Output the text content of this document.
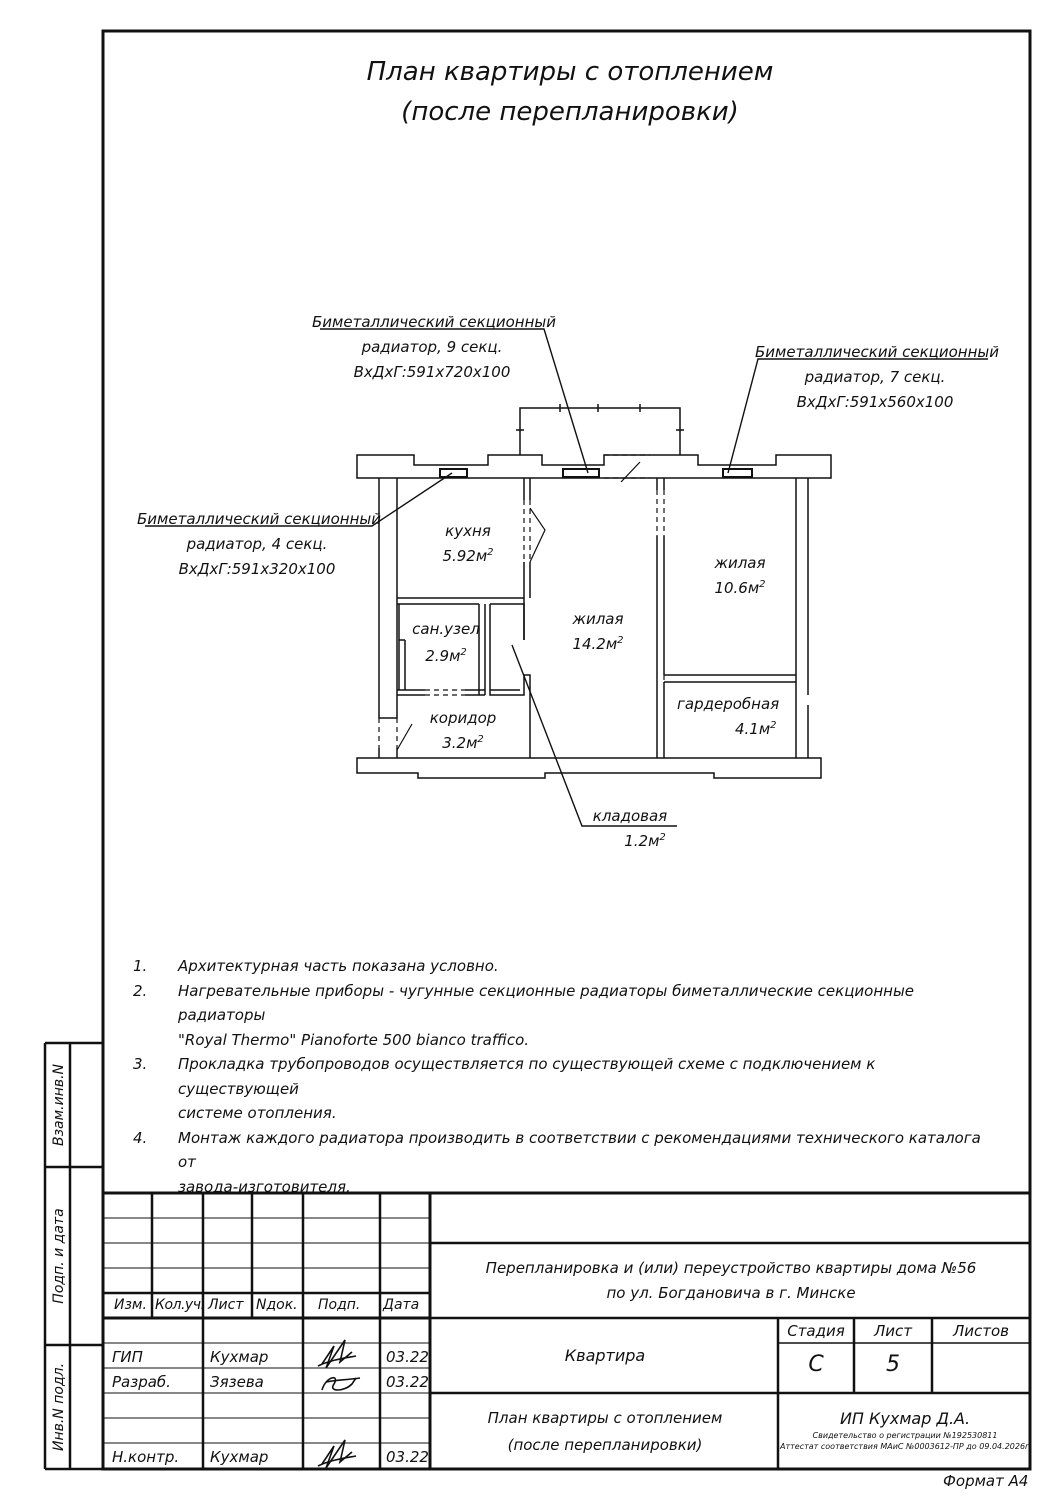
Взам.инв.N
Подп. и дата
Инв.N подл.
План квартиры с отоплением
(после перепланировки)
Биметаллический секционный
радиатор, 9 секц.
ВхДхГ:591х720х100
Биметаллический секционный
радиатор, 7 секц.
ВхДхГ:591х560х100
Биметаллический секционный
радиатор, 4 секц.
ВхДхГ:591х320х100
кухня
$5.92м^2$
сан.узел
$2.9м^2$
жилая
$14.2м^2$
жилая
$10.6м^2$
гардеробная
$4.1м^2$
коридор
$3.2м^2$
кладовая
$1.2м^2$
1.	Архитектурная часть показана условно.
2.	Нагревательные приборы - чугунные секционные радиаторы биметаллические секционные радиаторы
"Royal Thermo" Pianoforte 500 bianco traffico.
3.	Прокладка трубопроводов осуществляется по существующей схеме с подключением к существующей
системе отопления.
4.	Монтаж каждого радиатора производить в соответствии с рекомендациями технического каталога от
завода-изготовителя.
Изм. Кол.уч. Лист Nдок. Подп. Дата
ГИП	Кухмар	03.22
Разраб.	Зязева	03.22
Н.контр. Кухмар	03.22
Перепланировка и (или) переустройство квартиры дома №56
по ул. Богдановича в г. Минске
Квартира
Стадия	Лист	Листов
С	5
План квартиры с отоплением
(после перепланировки)
ИП Кухмар Д.А.
Свидетельство о регистрации №192530811
Аттестат соответствия МАиС №0003612-ПР до 09.04.2026г.
Формат А4
